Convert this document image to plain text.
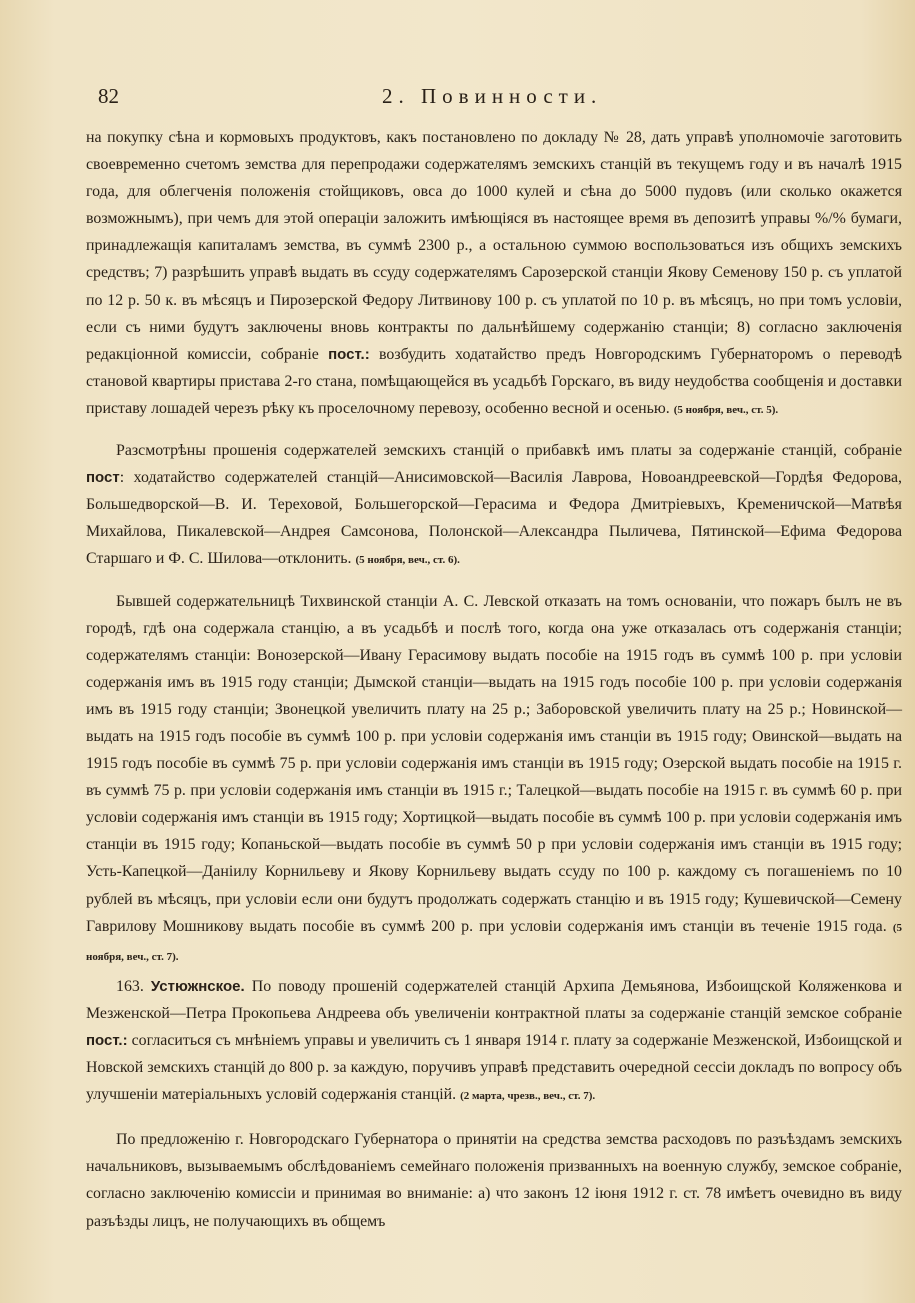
82	2. Повинности.

на покупку сѣна и кормовыхъ продуктовъ, какъ постановлено по докладу № 28, дать управѣ уполномочіе заготовить своевременно счетомъ земства для перепродажи содержателямъ земскихъ станцій въ текущемъ году и въ началѣ 1915 года, для облегченія положенія стойщиковъ, овса до 1000 кулей и сѣна до 5000 пудовъ (или сколько окажется возможнымъ), при чемъ для этой операціи заложить имѣющіяся въ настоящее время въ депозитѣ управы %/% бумаги, принадлежащія капиталамъ земства, въ суммѣ 2300 р., а остальною суммою воспользоваться изъ общихъ земскихъ средствъ; 7) разрѣшить управѣ выдать въ ссуду содержателямъ Сарозерской станціи Якову Семенову 150 р. съ уплатой по 12 р. 50 к. въ мѣсяцъ и Пирозерской Федору Литвинову 100 р. съ уплатой по 10 р. въ мѣсяцъ, но при томъ условіи, если съ ними будутъ заключены вновь контракты по дальнѣйшему содержанію станціи; 8) согласно заключенія редакціонной комиссіи, собраніе пост.: возбудить ходатайство предъ Новгородскимъ Губернаторомъ о переводѣ становой квартиры пристава 2-го стана, помѣщающейся въ усадьбѣ Горскаго, въ виду неудобства сообщенія и доставки приставу лошадей черезъ рѣку къ проселочному перевозу, особенно весной и осенью. (5 ноября, веч., ст. 5).

Разсмотрѣны прошенія содержателей земскихъ станцій о прибавкѣ имъ платы за содержаніе станцій, собраніе пост: ходатайство содержателей станцій—Анисимовской—Василія Лаврова, Новоандреевской—Гордѣя Федорова, Большедворской—В. И. Тереховой, Большегорской—Герасима и Федора Дмитріевыхъ, Кременичской—Матвѣя Михайлова, Пикалевской—Андрея Самсонова, Полонской—Александра Пыличева, Пятинской—Ефима Федорова Старшаго и Ф. С. Шилова—отклонить. (5 ноября, веч., ст. 6).

Бывшей содержательницѣ Тихвинской станціи А. С. Левской отказать на томъ основаніи, что пожаръ былъ не въ городѣ, гдѣ она содержала станцію, а въ усадьбѣ и послѣ того, когда она уже отказалась отъ содержанія станціи; содержателямъ станціи: Вонозерской—Ивану Герасимову выдать пособіе на 1915 годъ въ суммѣ 100 р. при условіи содержанія имъ въ 1915 году станціи; Дымской станціи—выдать на 1915 годъ пособіе 100 р. при условіи содержанія имъ въ 1915 году станціи; Звонецкой увеличить плату на 25 р.; Заборовской увеличить плату на 25 р.; Новинской—выдать на 1915 годъ пособіе въ суммѣ 100 р. при условіи содержанія имъ станціи въ 1915 году; Овинской—выдать на 1915 годъ пособіе въ суммѣ 75 р. при условіи содержанія имъ станціи въ 1915 году; Озерской выдать пособіе на 1915 г. въ суммѣ 75 р. при условіи содержанія имъ станціи въ 1915 г.; Талецкой—выдать пособіе на 1915 г. въ суммѣ 60 р. при условіи содержанія имъ станціи въ 1915 году; Хортицкой—выдать пособіе въ суммѣ 100 р. при условіи содержанія имъ станціи въ 1915 году; Копаньской—выдать пособіе въ суммѣ 50 р при условіи содержанія имъ станціи въ 1915 году; Усть-Капецкой—Даніилу Корнильеву и Якову Корнильеву выдать ссуду по 100 р. каждому съ погашеніемъ по 10 рублей въ мѣсяцъ, при условіи если они будутъ продолжать содержать станцію и въ 1915 году; Кушевичской—Семену Гаврилову Мошникову выдать пособіе въ суммѣ 200 р. при условіи содержанія имъ станціи въ теченіе 1915 года. (5 ноября, веч., ст. 7).

163. Устюжнское. По поводу прошеній содержателей станцій Архипа Демьянова, Избоищской Коляженкова и Мезженской—Петра Прокопьева Андреева объ увеличеніи контрактной платы за содержаніе станцій земское собраніе пост.: согласиться съ мнѣніемъ управы и увеличить съ 1 января 1914 г. плату за содержаніе Мезженской, Избоищской и Новской земскихъ станцій до 800 р. за каждую, поручивъ управѣ представить очередной сессіи докладъ по вопросу объ улучшеніи матеріальныхъ условій содержанія станцій. (2 марта, чрезв., веч., ст. 7).

По предложенію г. Новгородскаго Губернатора о принятіи на средства земства расходовъ по разъѣздамъ земскихъ начальниковъ, вызываемымъ обслѣдованіемъ семейнаго положенія призванныхъ на военную службу, земское собраніе, согласно заключенію комиссіи и принимая во вниманіе: а) что законъ 12 іюня 1912 г. ст. 78 имѣетъ очевидно въ виду разъѣзды лицъ, не получающихъ въ общемъ
